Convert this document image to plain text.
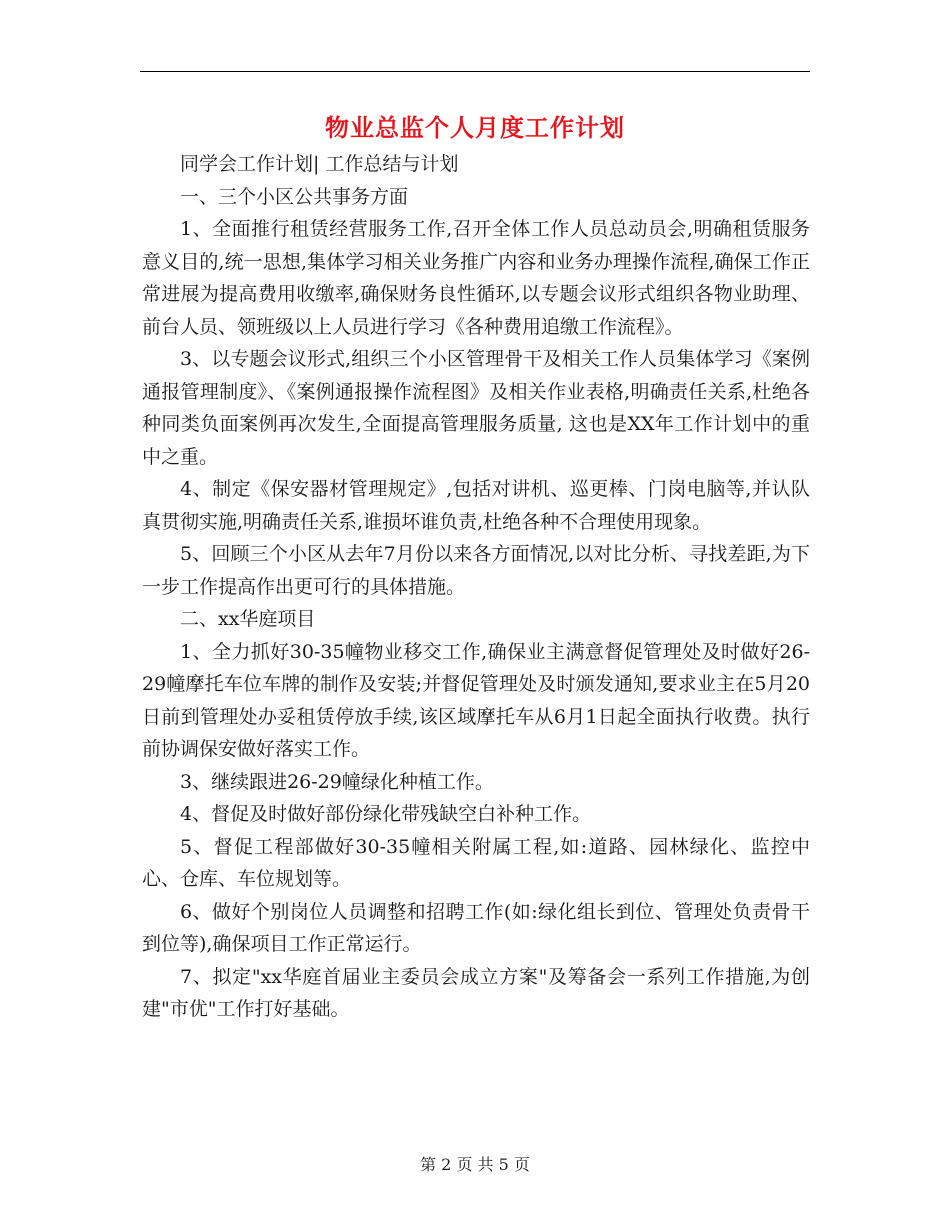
物业总监个人月度工作计划

同学会工作计划| 工作总结与计划

一、三个小区公共事务方面

1、全面推行租赁经营服务工作,召开全体工作人员总动员会,明确租赁服务意义目的,统一思想,集体学习相关业务推广内容和业务办理操作流程,确保工作正常进展为提高费用收缴率,确保财务良性循环,以专题会议形式组织各物业助理、前台人员、领班级以上人员进行学习《各种费用追缴工作流程》。

3、以专题会议形式,组织三个小区管理骨干及相关工作人员集体学习《案例通报管理制度》、《案例通报操作流程图》及相关作业表格,明确责任关系,杜绝各种同类负面案例再次发生,全面提高管理服务质量, 这也是XX年工作计划中的重中之重。

4、制定《保安器材管理规定》,包括对讲机、巡更棒、门岗电脑等,并认队真贯彻实施,明确责任关系,谁损坏谁负责,杜绝各种不合理使用现象。

5、回顾三个小区从去年7月份以来各方面情况,以对比分析、寻找差距,为下一步工作提高作出更可行的具体措施。

二、xx华庭项目

1、全力抓好30-35幢物业移交工作,确保业主满意督促管理处及时做好26-29幢摩托车位车牌的制作及安装;并督促管理处及时颁发通知,要求业主在5月20日前到管理处办妥租赁停放手续,该区域摩托车从6月1日起全面执行收费。执行前协调保安做好落实工作。

3、继续跟进26-29幢绿化种植工作。

4、督促及时做好部份绿化带残缺空白补种工作。

5、督促工程部做好30-35幢相关附属工程,如:道路、园林绿化、监控中心、仓库、车位规划等。

6、做好个别岗位人员调整和招聘工作(如:绿化组长到位、管理处负责骨干到位等),确保项目工作正常运行。

7、拟定"xx华庭首届业主委员会成立方案"及筹备会一系列工作措施,为创建"市优"工作打好基础。

第 2 页 共 5 页
